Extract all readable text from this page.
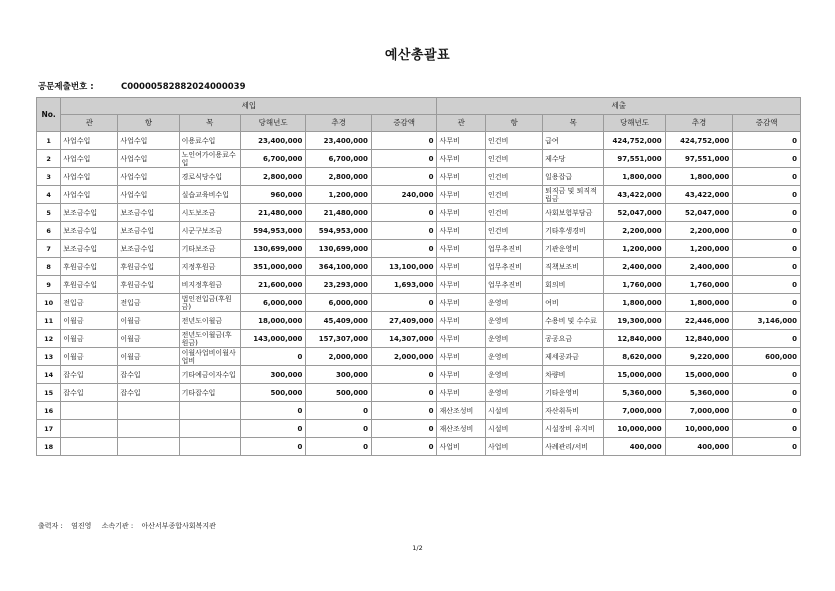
예산총괄표
공문제출번호 :	C00000582882024000039
No.	세입						세출					
	관	항	목	당해년도	추경	증감액	관	항	목	당해년도	추경	증감액
1	사업수입	사업수입	이용료수입	23,400,000	23,400,000	0	사무비	인건비	급여	424,752,000	424,752,000	0
2	사업수입	사업수입	노인여가이용료수입	6,700,000	6,700,000	0	사무비	인건비	제수당	97,551,000	97,551,000	0
3	사업수입	사업수입	경로식당수입	2,800,000	2,800,000	0	사무비	인건비	일용잡급	1,800,000	1,800,000	0
4	사업수입	사업수입	실습교육비수입	960,000	1,200,000	240,000	사무비	인건비	퇴직금 및 퇴직적립금	43,422,000	43,422,000	0
5	보조금수입	보조금수입	시도보조금	21,480,000	21,480,000	0	사무비	인건비	사회보험부담금	52,047,000	52,047,000	0
6	보조금수입	보조금수입	시군구보조금	594,953,000	594,953,000	0	사무비	인건비	기타후생경비	2,200,000	2,200,000	0
7	보조금수입	보조금수입	기타보조금	130,699,000	130,699,000	0	사무비	업무추진비	기관운영비	1,200,000	1,200,000	0
8	후원금수입	후원금수입	지정후원금	351,000,000	364,100,000	13,100,000	사무비	업무추진비	직책보조비	2,400,000	2,400,000	0
9	후원금수입	후원금수입	비지정후원금	21,600,000	23,293,000	1,693,000	사무비	업무추진비	회의비	1,760,000	1,760,000	0
10	전입금	전입금	법인전입금(후원금)	6,000,000	6,000,000	0	사무비	운영비	여비	1,800,000	1,800,000	0
11	이월금	이월금	전년도이월금	18,000,000	45,409,000	27,409,000	사무비	운영비	수용비 및 수수료	19,300,000	22,446,000	3,146,000
12	이월금	이월금	전년도이월금(후원금)	143,000,000	157,307,000	14,307,000	사무비	운영비	공공요금	12,840,000	12,840,000	0
13	이월금	이월금	이월사업비이월사업비	0	2,000,000	2,000,000	사무비	운영비	제세공과금	8,620,000	9,220,000	600,000
14	잡수입	잡수입	기타예금이자수입	300,000	300,000	0	사무비	운영비	차량비	15,000,000	15,000,000	0
15	잡수입	잡수입	기타잡수입	500,000	500,000	0	사무비	운영비	기타운영비	5,360,000	5,360,000	0
16				0	0	0	재산조성비	시설비	자산취득비	7,000,000	7,000,000	0
17				0	0	0	재산조성비	시설비	시설장비 유지비	10,000,000	10,000,000	0
18				0	0	0	사업비	사업비	사례관리/서비	400,000	400,000	0
출력자 : 염진영 소속기관 : 아산서부종합사회복지관
1/2
